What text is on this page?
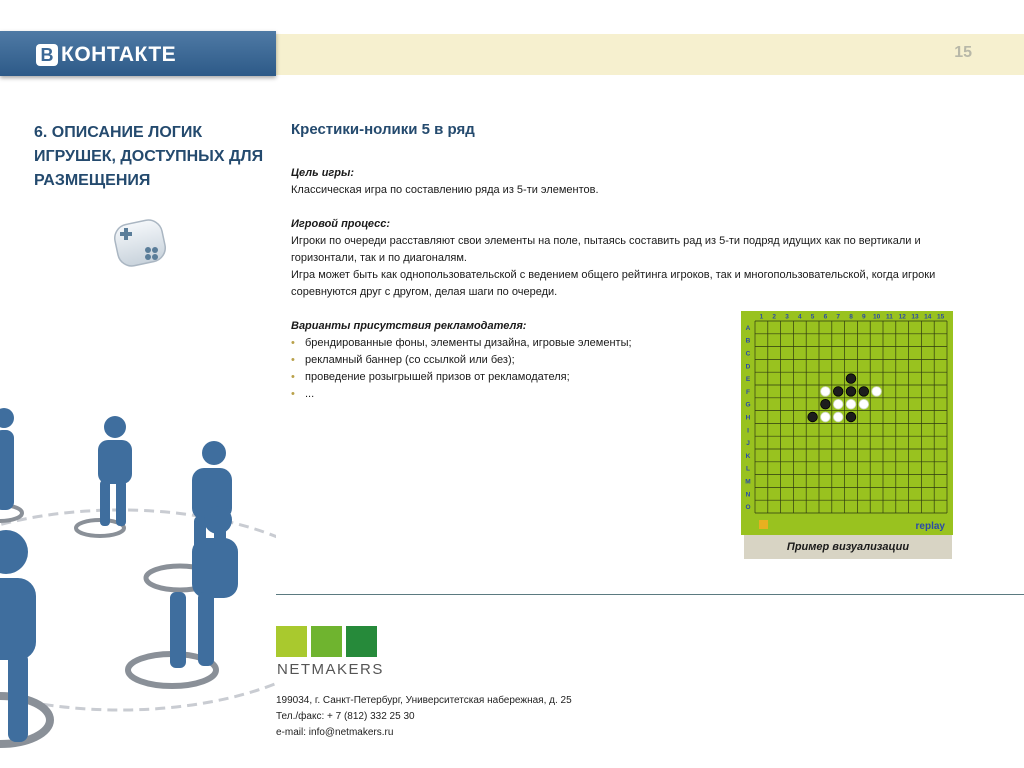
15
В КОНТАКТЕ
6. ОПИСАНИЕ ЛОГИК ИГРУШЕК, ДОСТУПНЫХ ДЛЯ РАЗМЕЩЕНИЯ
Крестики-нолики 5 в ряд

Цель игры:

Классическая игра по составлению ряда из 5-ти элементов.

Игровой процесс:

Игроки по очереди расставляют свои элементы на поле, пытаясь составить рад из 5-ти подряд идущих как по вертикали и горизонтали, так и по диагоналям.

Игра может быть как однопользовательской с ведением общего рейтинга игроков, так и многопользовательской, когда игроки соревнуются друг с другом, делая шаги по очереди.

Варианты присутствия рекламодателя:

• брендированные фоны, элементы дизайна, игровые элементы;
• рекламный баннер (со ссылкой или без);
• проведение розыгрышей призов от рекламодателя;
• ...
1 2 3 4 5 6 7 8 9 10 11 12 13 14 15
A
B
C
D
E
F
G
H
I
J
K
L
M
N
O
replay
Пример визуализации
NETMAKERS
199034, г. Санкт-Петербург, Университетская набережная, д. 25
Тел./факс: + 7 (812) 332 25 30
e-mail: info@netmakers.ru
